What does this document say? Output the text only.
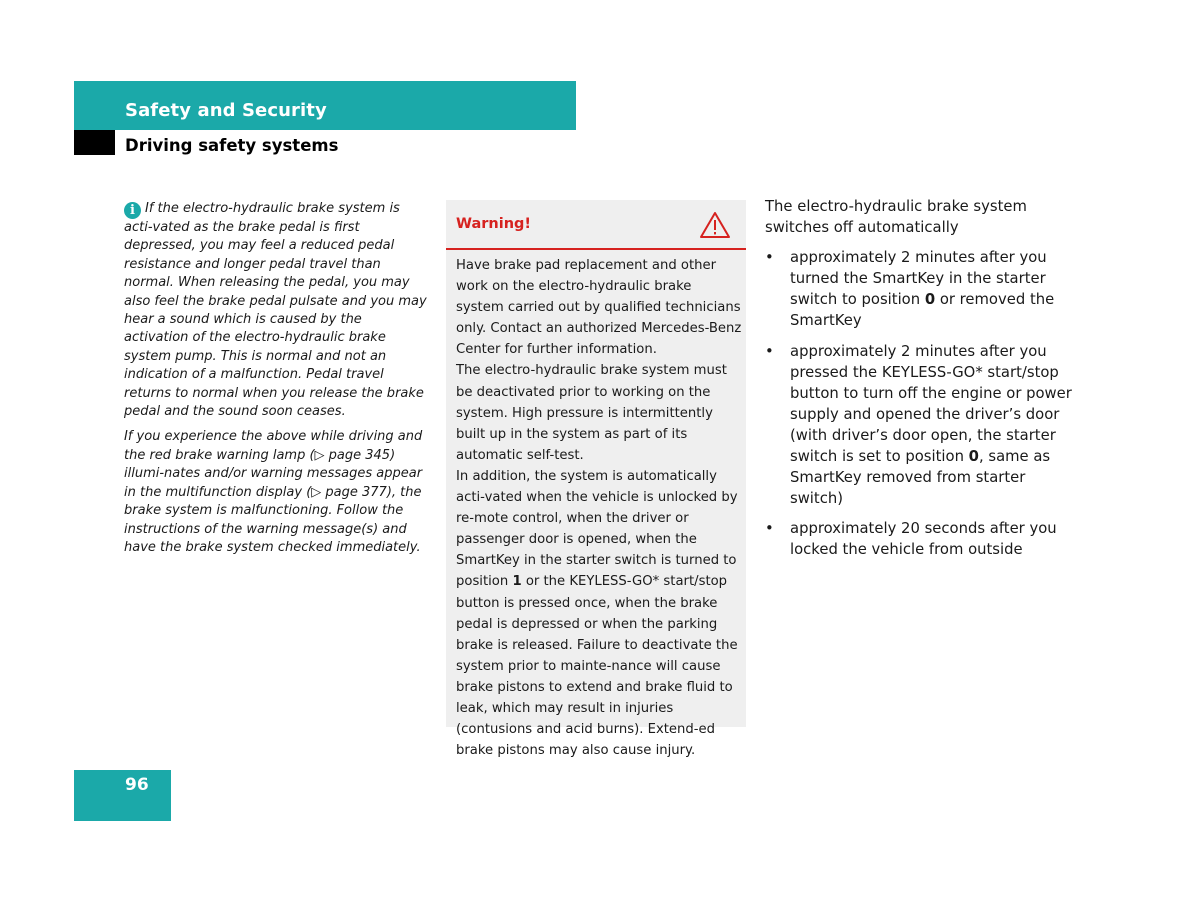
Safety and Security
Driving safety systems

i If the electro-hydraulic brake system is acti-vated as the brake pedal is first depressed, you may feel a reduced pedal resistance and longer pedal travel than normal. When releasing the pedal, you may also feel the brake pedal pulsate and you may hear a sound which is caused by the activation of the electro-hydraulic brake system pump. This is normal and not an indication of a malfunction. Pedal travel returns to normal when you release the brake pedal and the sound soon ceases.

If you experience the above while driving and the red brake warning lamp (▷ page 345) illumi-nates and/or warning messages appear in the multifunction display (▷ page 377), the brake system is malfunctioning. Follow the instructions of the warning message(s) and have the brake system checked immediately.

Warning!

Have brake pad replacement and other work on the electro-hydraulic brake system carried out by qualified technicians only. Contact an authorized Mercedes-Benz Center for further information.

The electro-hydraulic brake system must be deactivated prior to working on the system. High pressure is intermittently built up in the system as part of its automatic self-test.

In addition, the system is automatically acti-vated when the vehicle is unlocked by re-mote control, when the driver or passenger door is opened, when the SmartKey in the starter switch is turned to position 1 or the KEYLESS-GO* start/stop button is pressed once, when the brake pedal is depressed or when the parking brake is released. Failure to deactivate the system prior to mainte-nance will cause brake pistons to extend and brake fluid to leak, which may result in injuries (contusions and acid burns). Extend-ed brake pistons may also cause injury.

The electro-hydraulic brake system switches off automatically

• approximately 2 minutes after you turned the SmartKey in the starter switch to position 0 or removed the SmartKey
• approximately 2 minutes after you pressed the KEYLESS-GO* start/stop button to turn off the engine or power supply and opened the driver’s door (with driver’s door open, the starter switch is set to position 0, same as SmartKey removed from starter switch)
• approximately 20 seconds after you locked the vehicle from outside
96
